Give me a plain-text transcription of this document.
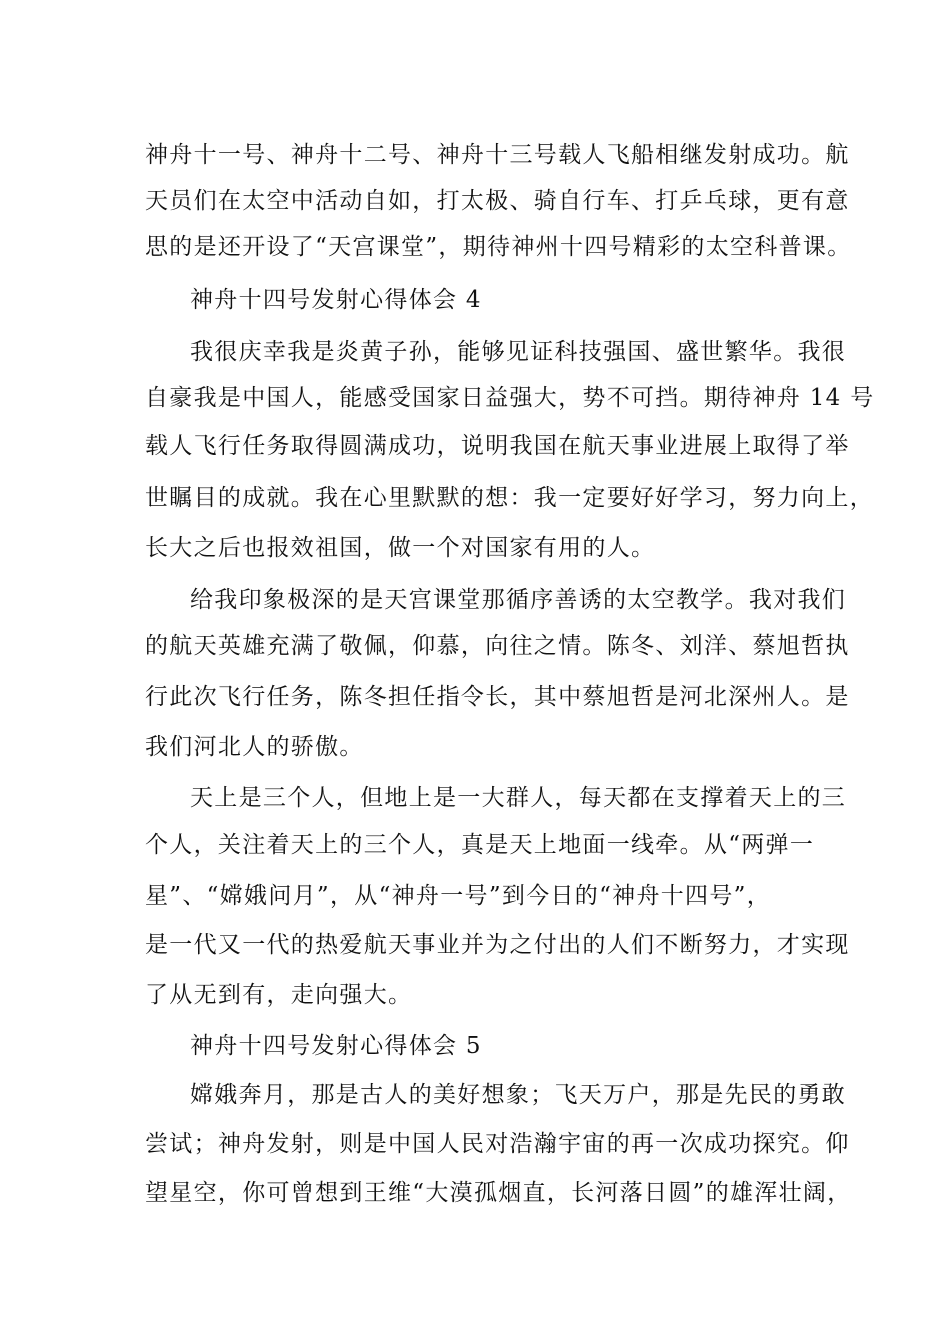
神舟十一号、神舟十二号、神舟十三号载人飞船相继发射成功。航
天员们在太空中活动自如，打太极、骑自行车、打乒乓球，更有意
思的是还开设了“天宫课堂”，期待神州十四号精彩的太空科普课。
神舟十四号发射心得体会 4
我很庆幸我是炎黄子孙，能够见证科技强国、盛世繁华。我很
自豪我是中国人，能感受国家日益强大，势不可挡。期待神舟 14 号
载人飞行任务取得圆满成功，说明我国在航天事业进展上取得了举
世瞩目的成就。我在心里默默的想：我一定要好好学习，努力向上，
长大之后也报效祖国，做一个对国家有用的人。
给我印象极深的是天宫课堂那循序善诱的太空教学。我对我们
的航天英雄充满了敬佩，仰慕，向往之情。陈冬、刘洋、蔡旭哲执
行此次飞行任务，陈冬担任指令长，其中蔡旭哲是河北深州人。是
我们河北人的骄傲。
天上是三个人，但地上是一大群人，每天都在支撑着天上的三
个人，关注着天上的三个人，真是天上地面一线牵。从“两弹一
星”、“嫦娥问月”，从“神舟一号”到今日的“神舟十四号”，
是一代又一代的热爱航天事业并为之付出的人们不断努力，才实现
了从无到有，走向强大。
神舟十四号发射心得体会 5
嫦娥奔月，那是古人的美好想象；飞天万户，那是先民的勇敢
尝试；神舟发射，则是中国人民对浩瀚宇宙的再一次成功探究。仰
望星空，你可曾想到王维“大漠孤烟直，长河落日圆”的雄浑壮阔，
